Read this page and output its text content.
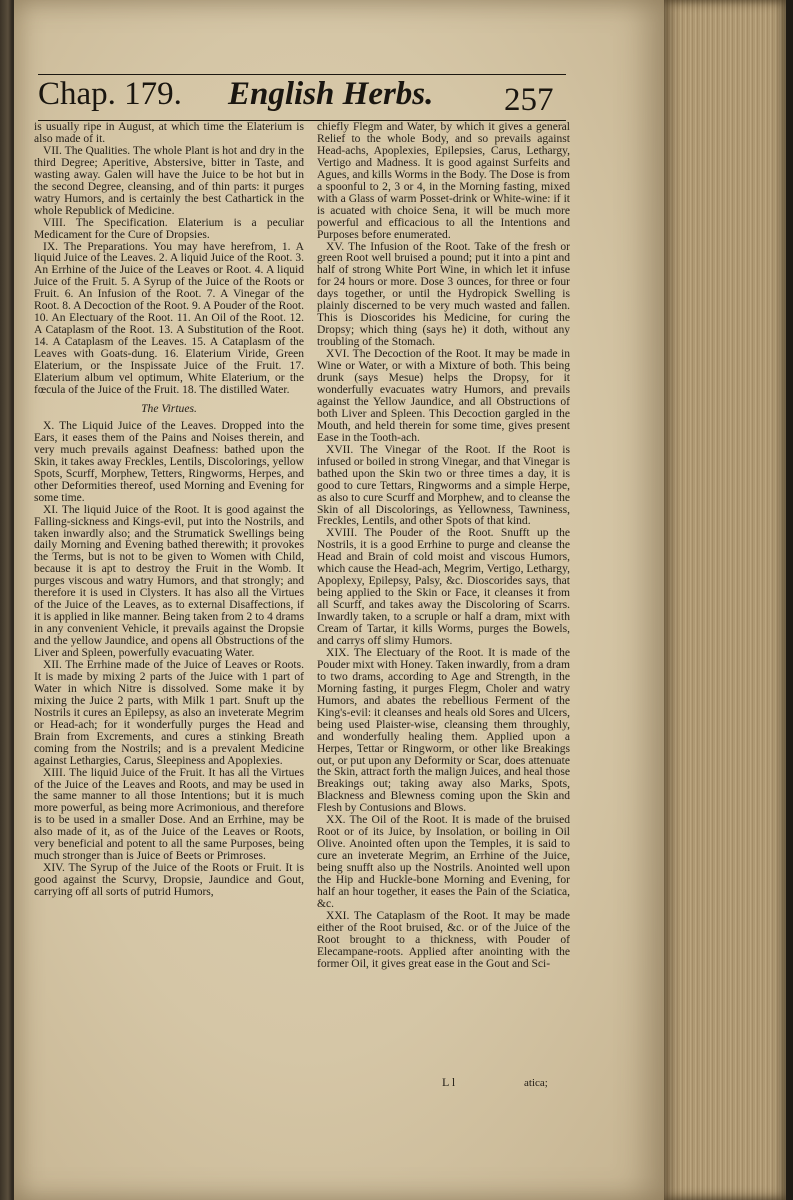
Chap. 179. English Herbs. 257

is usually ripe in August, at which time the Elaterium is also made of it.

VII. The Qualities. The whole Plant is hot and dry in the third Degree; Aperitive, Abstersive, bitter in Taste, and wasting away. Galen will have the Juice to be hot but in the second Degree, cleansing, and of thin parts: it purges watry Humors, and is certainly the best Cathartick in the whole Republick of Medicine.

VIII. The Specification. Elaterium is a peculiar Medicament for the Cure of Dropsies.

IX. The Preparations. You may have herefrom, 1. A liquid Juice of the Leaves. 2. A liquid Juice of the Root. 3. An Errhine of the Juice of the Leaves or Root. 4. A liquid Juice of the Fruit. 5. A Syrup of the Juice of the Roots or Fruit. 6. An Infusion of the Root. 7. A Vinegar of the Root. 8. A Decoction of the Root. 9. A Pouder of the Root. 10. An Electuary of the Root. 11. An Oil of the Root. 12. A Cataplasm of the Root. 13. A Substitution of the Root. 14. A Cataplasm of the Leaves. 15. A Cataplasm of the Leaves with Goats-dung. 16. Elaterium Viride, Green Elaterium, or the Inspissate Juice of the Fruit. 17. Elaterium album vel optimum, White Elaterium, or the fœcula of the Juice of the Fruit. 18. The distilled Water.

The Virtues.

X. The Liquid Juice of the Leaves. Dropped into the Ears, it eases them of the Pains and Noises therein, and very much prevails against Deafness: bathed upon the Skin, it takes away Freckles, Lentils, Discolorings, yellow Spots, Scurff, Morphew, Tetters, Ringworms, Herpes, and other Deformities thereof, used Morning and Evening for some time.

XI. The liquid Juice of the Root. It is good against the Falling-sickness and Kings-evil, put into the Nostrils, and taken inwardly also; and the Strumatick Swellings being daily Morning and Evening bathed therewith; it provokes the Terms, but is not to be given to Women with Child, because it is apt to destroy the Fruit in the Womb. It purges viscous and watry Humors, and that strongly; and therefore it is used in Clysters. It has also all the Virtues of the Juice of the Leaves, as to external Disaffections, if it is applied in like manner. Being taken from 2 to 4 drams in any convenient Vehicle, it prevails against the Dropsie and the yellow Jaundice, and opens all Obstructions of the Liver and Spleen, powerfully evacuating Water.

XII. The Errhine made of the Juice of Leaves or Roots. It is made by mixing 2 parts of the Juice with 1 part of Water in which Nitre is dissolved. Some make it by mixing the Juice 2 parts, with Milk 1 part. Snuft up the Nostrils it cures an Epilepsy, as also an inveterate Megrim or Head-ach; for it wonderfully purges the Head and Brain from Excrements, and cures a stinking Breath coming from the Nostrils; and is a prevalent Medicine against Lethargies, Carus, Sleepiness and Apoplexies.

XIII. The liquid Juice of the Fruit. It has all the Virtues of the Juice of the Leaves and Roots, and may be used in the same manner to all those Intentions; but it is much more powerful, as being more Acrimonious, and therefore is to be used in a smaller Dose. And an Errhine, may be also made of it, as of the Juice of the Leaves or Roots, very beneficial and potent to all the same Purposes, being much stronger than is Juice of Beets or Primroses.

XIV. The Syrup of the Juice of the Roots or Fruit. It is good against the Scurvy, Dropsie, Jaundice and Gout, carrying off all sorts of putrid Humors,

chiefly Flegm and Water, by which it gives a general Relief to the whole Body, and so prevails against Head-achs, Apoplexies, Epilepsies, Carus, Lethargy, Vertigo and Madness. It is good against Surfeits and Agues, and kills Worms in the Body. The Dose is from a spoonful to 2, 3 or 4, in the Morning fasting, mixed with a Glass of warm Posset-drink or White-wine: if it is acuated with choice Sena, it will be much more powerful and efficacious to all the Intentions and Purposes before enumerated.

XV. The Infusion of the Root. Take of the fresh or green Root well bruised a pound; put it into a pint and half of strong White Port Wine, in which let it infuse for 24 hours or more. Dose 3 ounces, for three or four days together, or until the Hydropick Swelling is plainly discerned to be very much wasted and fallen. This is Dioscorides his Medicine, for curing the Dropsy; which thing (says he) it doth, without any troubling of the Stomach.

XVI. The Decoction of the Root. It may be made in Wine or Water, or with a Mixture of both. This being drunk (says Mesue) helps the Dropsy, for it wonderfully evacuates watry Humors, and prevails against the Yellow Jaundice, and all Obstructions of both Liver and Spleen. This Decoction gargled in the Mouth, and held therein for some time, gives present Ease in the Tooth-ach.

XVII. The Vinegar of the Root. If the Root is infused or boiled in strong Vinegar, and that Vinegar is bathed upon the Skin two or three times a day, it is good to cure Tettars, Ringworms and a simple Herpe, as also to cure Scurff and Morphew, and to cleanse the Skin of all Discolorings, as Yellowness, Tawniness, Freckles, Lentils, and other Spots of that kind.

XVIII. The Pouder of the Root. Snufft up the Nostrils, it is a good Errhine to purge and cleanse the Head and Brain of cold moist and viscous Humors, which cause the Head-ach, Megrim, Vertigo, Lethargy, Apoplexy, Epilepsy, Palsy, &c. Dioscorides says, that being applied to the Skin or Face, it cleanses it from all Scurff, and takes away the Discoloring of Scarrs. Inwardly taken, to a scruple or half a dram, mixt with Cream of Tartar, it kills Worms, purges the Bowels, and carrys off slimy Humors.

XIX. The Electuary of the Root. It is made of the Pouder mixt with Honey. Taken inwardly, from a dram to two drams, according to Age and Strength, in the Morning fasting, it purges Flegm, Choler and watry Humors, and abates the rebellious Ferment of the King's-evil: it cleanses and heals old Sores and Ulcers, being used Plaister-wise, cleansing them throughly, and wonderfully healing them. Applied upon a Herpes, Tettar or Ringworm, or other like Breakings out, or put upon any Deformity or Scar, does attenuate the Skin, attract forth the malign Juices, and heal those Breakings out; taking away also Marks, Spots, Blackness and Blewness coming upon the Skin and Flesh by Contusions and Blows.

XX. The Oil of the Root. It is made of the bruised Root or of its Juice, by Insolation, or boiling in Oil Olive. Anointed often upon the Temples, it is said to cure an inveterate Megrim, an Errhine of the Juice, being snufft also up the Nostrils. Anointed well upon the Hip and Huckle-bone Morning and Evening, for half an hour together, it eases the Pain of the Sciatica, &c.

XXI. The Cataplasm of the Root. It may be made either of the Root bruised, &c. or of the Juice of the Root brought to a thickness, with Pouder of Elecampane-roots. Applied after anointing with the former Oil, it gives great ease in the Gout and Sci-

L l	atica;
